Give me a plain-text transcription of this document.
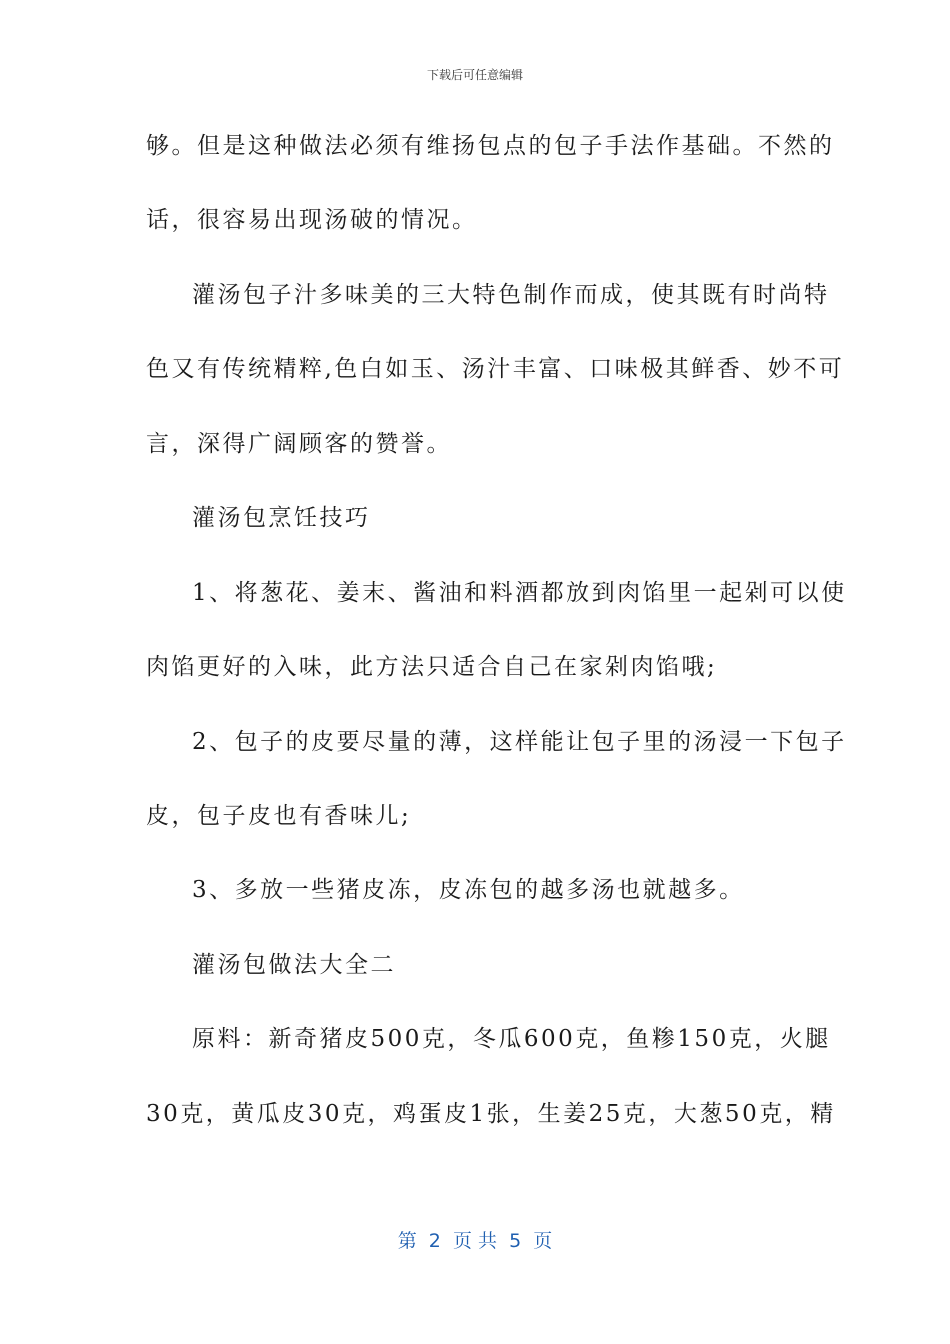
下载后可任意编辑
够。但是这种做法必须有维扬包点的包子手法作基础。不然的
话，很容易出现汤破的情况。
灌汤包子汁多味美的三大特色制作而成，使其既有时尚特
色又有传统精粹,色白如玉、汤汁丰富、口味极其鲜香、妙不可
言，深得广阔顾客的赞誉。
灌汤包烹饪技巧
1、将葱花、姜末、酱油和料酒都放到肉馅里一起剁可以使
肉馅更好的入味，此方法只适合自己在家剁肉馅哦;
2、包子的皮要尽量的薄，这样能让包子里的汤浸一下包子
皮，包子皮也有香味儿;
3、多放一些猪皮冻，皮冻包的越多汤也就越多。
灌汤包做法大全二
原料：新奇猪皮500克，冬瓜600克，鱼糁150克，火腿
30克，黄瓜皮30克，鸡蛋皮1张，生姜25克，大葱50克，精
第  2  页 共  5  页
